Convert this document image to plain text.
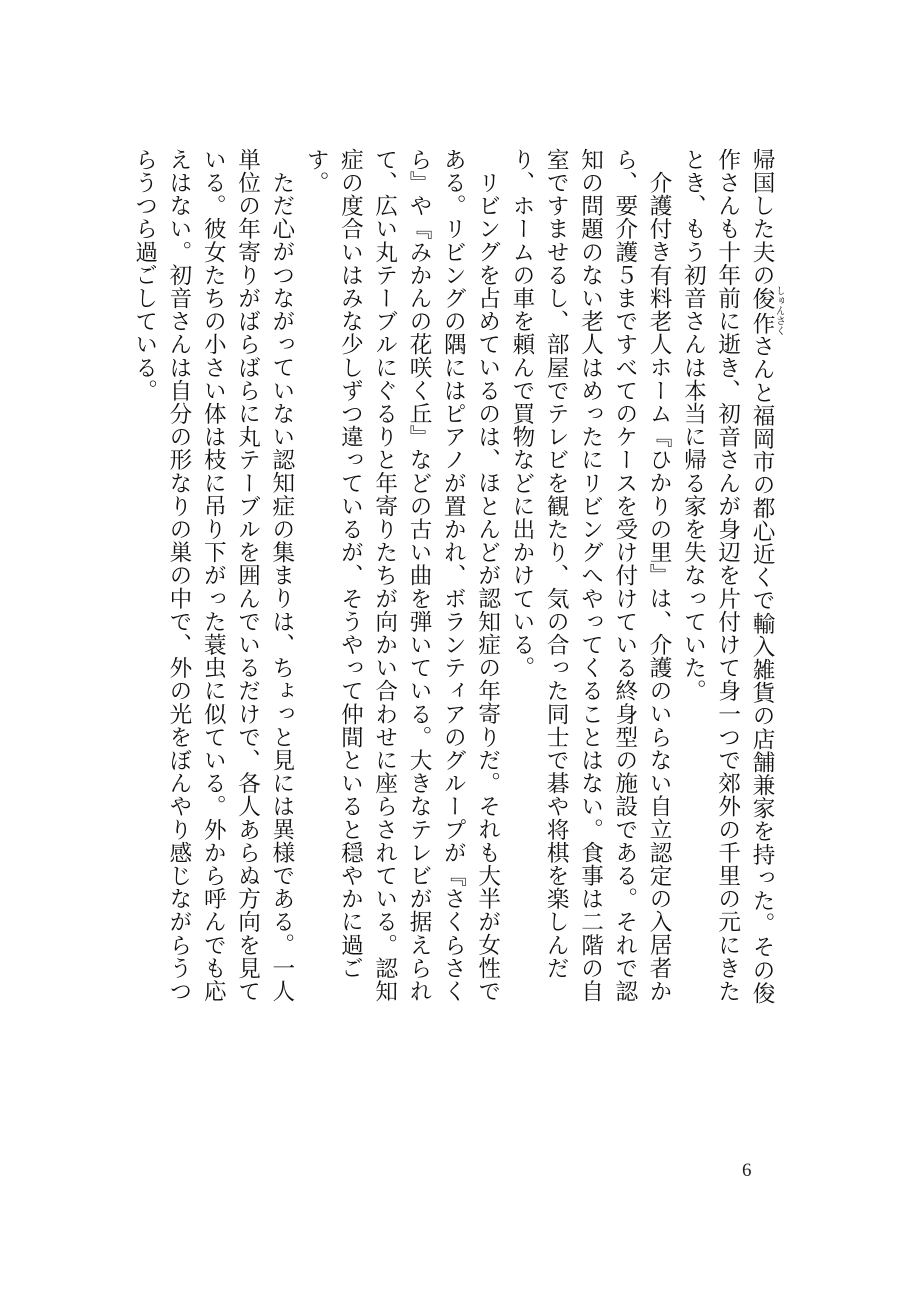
帰国した夫の俊作しゅんさくさんと福岡市の都心近くで輸入雑貨の店舗兼家を持った。その俊作さんも十年前に逝き、初音さんが身辺を片付けて身一つで郊外の千里の元にきたとき、もう初音さんは本当に帰る家を失なっていた。

介護付き有料老人ホーム『ひかりの里』は、介護のいらない自立認定の入居者から、要介護５まですべてのケースを受け付けている終身型の施設である。それで認知の問題のない老人はめったにリビングへやってくることはない。食事は二階の自室ですませるし、部屋でテレビを観たり、気の合った同士で碁や将棋を楽しんだり、ホームの車を頼んで買物などに出かけている。

リビングを占めているのは、ほとんどが認知症の年寄りだ。それも大半が女性である。リビングの隅にはピアノが置かれ、ボランティアのグループが『さくらさくら』や『みかんの花咲く丘』などの古い曲を弾いている。大きなテレビが据えられて、広い丸テーブルにぐるりと年寄りたちが向かい合わせに座らされている。認知症の度合いはみな少しずつ違っているが、そうやって仲間といると穏やかに過ごす。

ただ心がつながっていない認知症の集まりは、ちょっと見には異様である。一人単位の年寄りがばらばらに丸テーブルを囲んでいるだけで、各人あらぬ方向を見ている。彼女たちの小さい体は枝に吊り下がった蓑虫に似ている。外から呼んでも応えはない。初音さんは自分の形なりの巣の中で、外の光をぼんやり感じながらうつらうつら過ごしている。

6
